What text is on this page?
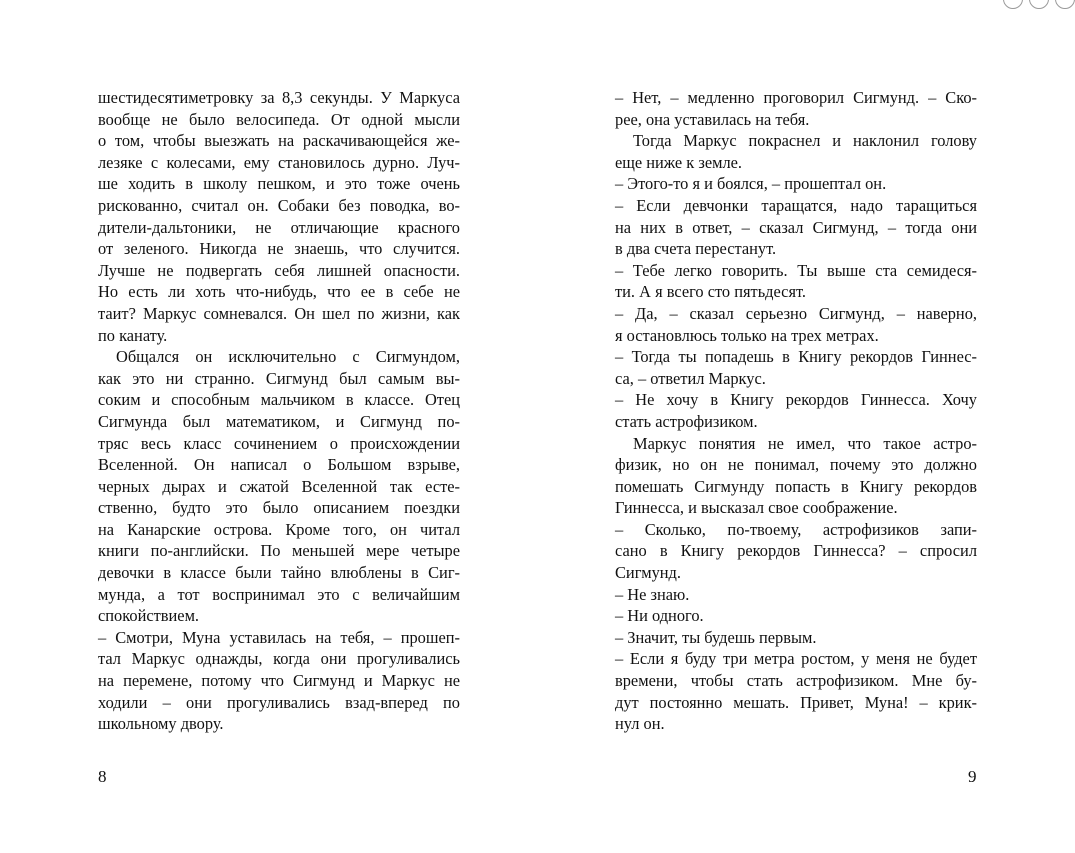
шестидесятиметровку за 8,3 секунды. У Маркуса
вообще не было велосипеда. От одной мысли
о том, чтобы выезжать на раскачивающейся же-
лезяке с колесами, ему становилось дурно. Луч-
ше ходить в школу пешком, и это тоже очень
рискованно, считал он. Собаки без поводка, во-
дители-дальтоники, не отличающие красного
от зеленого. Никогда не знаешь, что случится.
Лучше не подвергать себя лишней опасности.
Но есть ли хоть что-нибудь, что ее в себе не
таит? Маркус сомневался. Он шел по жизни, как
по канату.
Общался он исключительно с Сигмундом,
как это ни странно. Сигмунд был самым вы-
соким и способным мальчиком в классе. Отец
Сигмунда был математиком, и Сигмунд по-
тряс весь класс сочинением о происхождении
Вселенной. Он написал о Большом взрыве,
черных дырах и сжатой Вселенной так есте-
ственно, будто это было описанием поездки
на Канарские острова. Кроме того, он читал
книги по-английски. По меньшей мере четыре
девочки в классе были тайно влюблены в Сиг-
мунда, а тот воспринимал это с величайшим
спокойствием.
– Смотри, Муна уставилась на тебя, – прошеп-
тал Маркус однажды, когда они прогуливались
на перемене, потому что Сигмунд и Маркус не
ходили – они прогуливались взад-вперед по
школьному двору.
– Нет, – медленно проговорил Сигмунд. – Ско-
рее, она уставилась на тебя.
Тогда Маркус покраснел и наклонил голову
еще ниже к земле.
– Этого-то я и боялся, – прошептал он.
– Если девчонки таращатся, надо таращиться
на них в ответ, – сказал Сигмунд, – тогда они
в два счета перестанут.
– Тебе легко говорить. Ты выше ста семидеся-
ти. А я всего сто пятьдесят.
– Да, – сказал серьезно Сигмунд, – наверно,
я остановлюсь только на трех метрах.
– Тогда ты попадешь в Книгу рекордов Гиннес-
са, – ответил Маркус.
– Не хочу в Книгу рекордов Гиннесса. Хочу
стать астрофизиком.
Маркус понятия не имел, что такое астро-
физик, но он не понимал, почему это должно
помешать Сигмунду попасть в Книгу рекордов
Гиннесса, и высказал свое соображение.
– Сколько, по-твоему, астрофизиков запи-
сано в Книгу рекордов Гиннесса? – спросил
Сигмунд.
– Не знаю.
– Ни одного.
– Значит, ты будешь первым.
– Если я буду три метра ростом, у меня не будет
времени, чтобы стать астрофизиком. Мне бу-
дут постоянно мешать. Привет, Муна! – крик-
нул он.
8	9
